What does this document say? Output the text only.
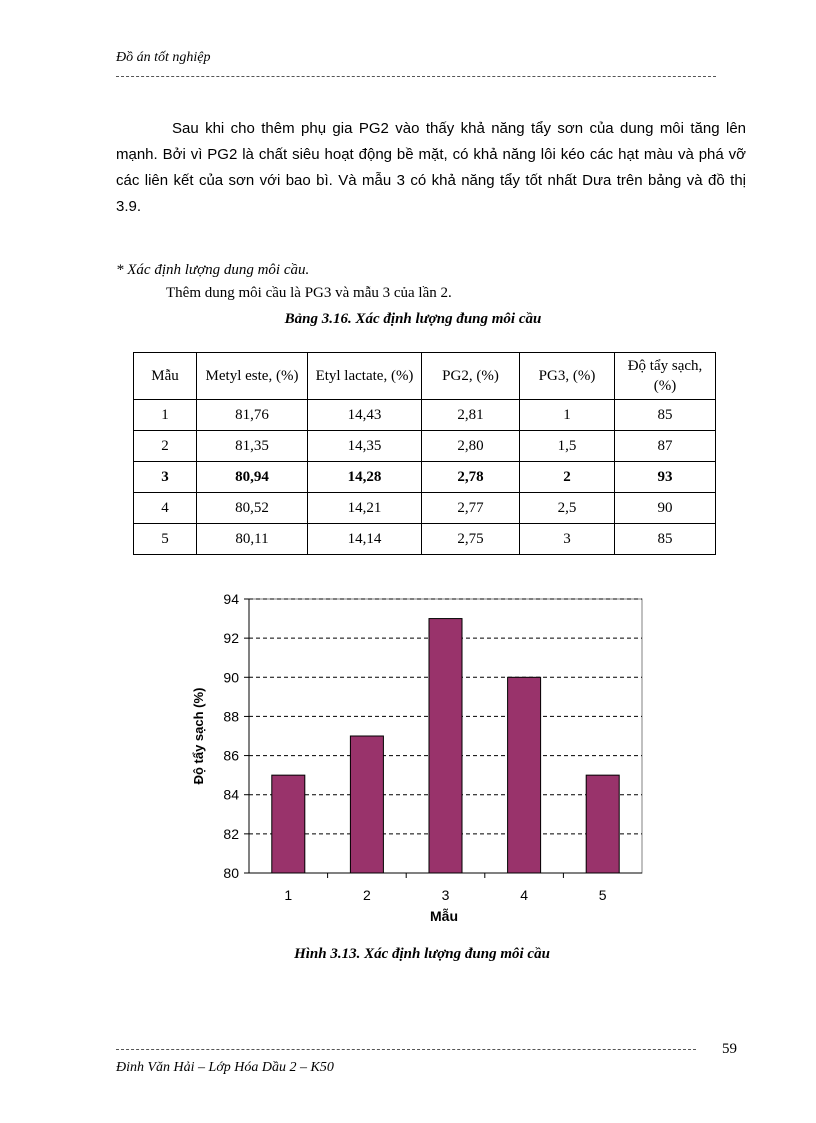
Đồ án tốt nghiệp
Sau khi cho thêm phụ gia PG2 vào thấy khả năng tẩy sơn của dung môi tăng lên mạnh. Bởi vì PG2 là chất siêu hoạt động bề mặt, có khả năng lôi kéo các hạt màu và phá vỡ các liên kết của sơn với bao bì. Và mẫu 3 có khả năng tẩy tốt nhất Dưa trên bảng và đồ thị 3.9.
* Xác định lượng dung môi cầu.
Thêm dung môi cầu là PG3 và mẫu 3 của lần 2.
Bảng 3.16. Xác định lượng đung môi cầu
Mẫu	Metyl este, (%)	Etyl lactate, (%)	PG2, (%)	PG3, (%)	Độ tẩy sạch, (%)
1	81,76	14,43	2,81	1	85
2	81,35	14,35	2,80	1,5	87
3	80,94	14,28	2,78	2	93
4	80,52	14,21	2,77	2,5	90
5	80,11	14,14	2,75	3	85
80
82
84
86
88
90
92
94
1	2	3	4	5
Độ tẩy sạch (%)
Mẫu
Hình 3.13. Xác định lượng đung môi cầu
59
Đinh Văn Hải – Lớp Hóa Dầu 2 – K50
